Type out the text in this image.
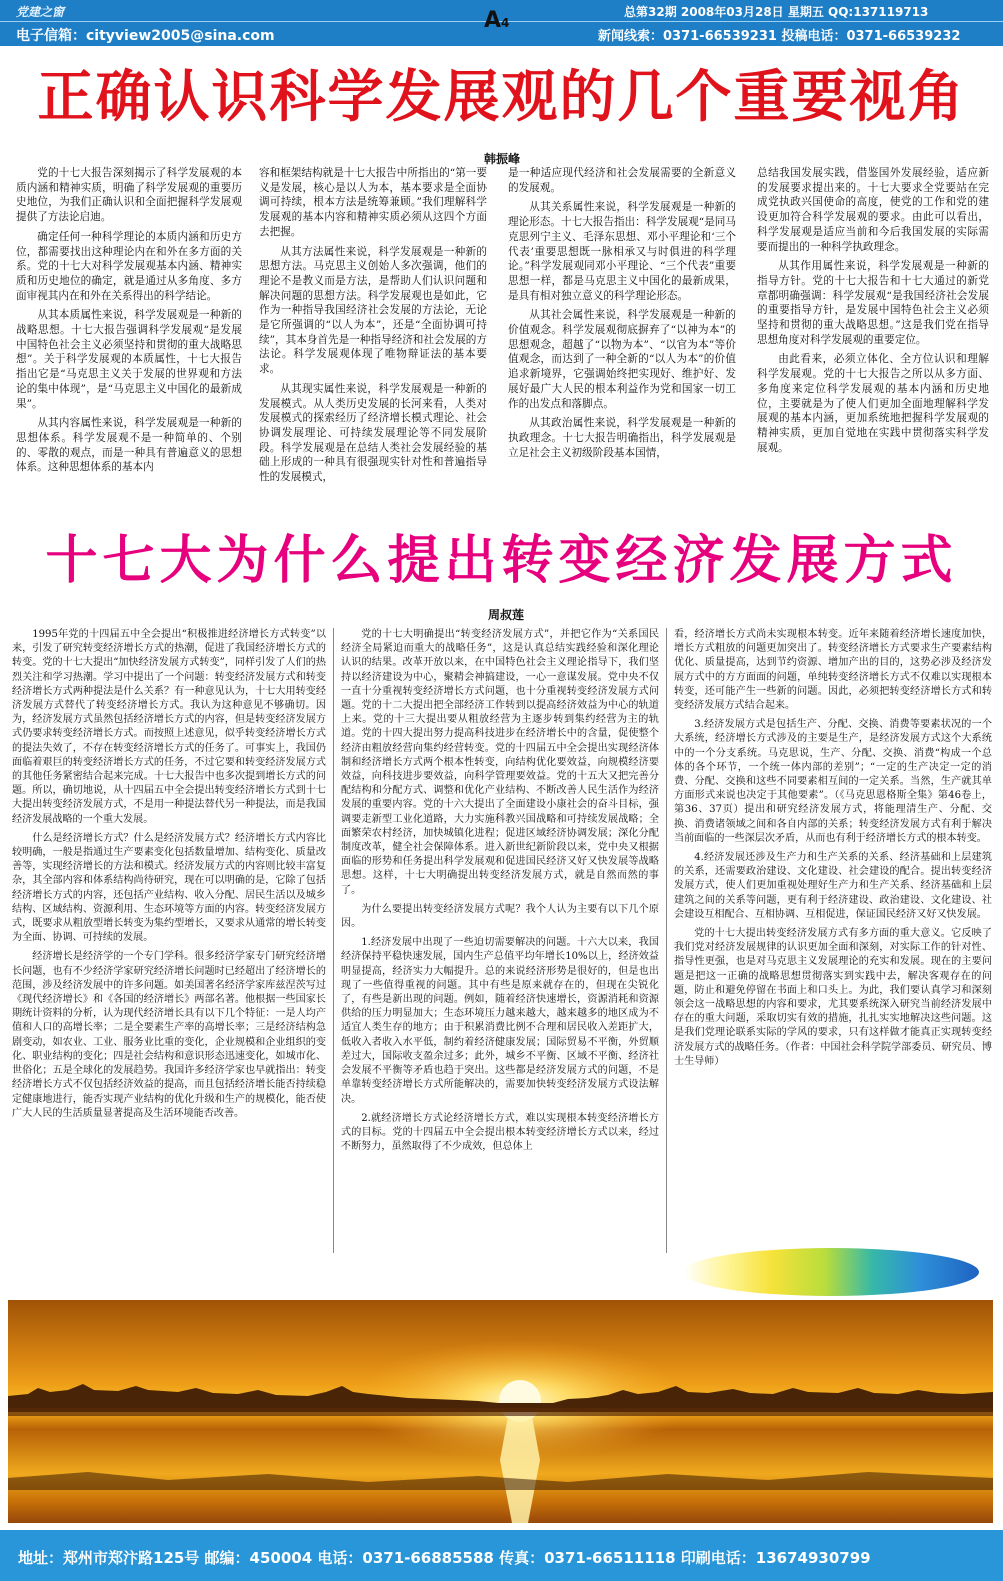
党建之窗	总第32期 2008年03月28日 星期五 QQ:137119713
电子信箱：cityview2005@sina.com	新闻线索：0371-66539231 投稿电话：0371-66539232
A4
正确认识科学发展观的几个重要视角
韩振峰

党的十七大报告深刻揭示了科学发展观的本质内涵和精神实质，明确了科学发展观的重要历史地位，为我们正确认识和全面把握科学发展观提供了方法论启迪。

确定任何一种科学理论的本质内涵和历史方位，都需要找出这种理论内在和外在多方面的关系。党的十七大对科学发展观基本内涵、精神实质和历史地位的确定，就是通过从多角度、多方面审视其内在和外在关系得出的科学结论。

从其本质属性来说，科学发展观是一种新的战略思想。十七大报告强调科学发展观“是发展中国特色社会主义必须坚持和贯彻的重大战略思想”。关于科学发展观的本质属性，十七大报告指出它是“马克思主义关于发展的世界观和方法论的集中体现”，是“马克思主义中国化的最新成果”。

从其内容属性来说，科学发展观是一种新的思想体系。科学发展观不是一种简单的、个别的、零散的观点，而是一种具有普遍意义的思想体系。这种思想体系的基本内

容和框架结构就是十七大报告中所指出的“第一要义是发展，核心是以人为本，基本要求是全面协调可持续，根本方法是统筹兼顾。”我们理解科学发展观的基本内容和精神实质必须从这四个方面去把握。

从其方法属性来说，科学发展观是一种新的思想方法。马克思主义创始人多次强调，他们的理论不是教义而是方法，是帮助人们认识问题和解决问题的思想方法。科学发展观也是如此，它作为一种指导我国经济社会发展的方法论，无论是它所强调的“以人为本”，还是“全面协调可持续”，其本身首先是一种指导经济和社会发展的方法论。科学发展观体现了唯物辩证法的基本要求。

从其现实属性来说，科学发展观是一种新的发展模式。从人类历史发展的长河来看，人类对发展模式的探索经历了经济增长模式理论、社会协调发展理论、可持续发展理论等不同发展阶段。科学发展观是在总结人类社会发展经验的基础上形成的一种具有很强现实针对性和普遍指导性的发展模式，

是一种适应现代经济和社会发展需要的全新意义的发展观。

从其关系属性来说，科学发展观是一种新的理论形态。十七大报告指出：科学发展观“是同马克思列宁主义、毛泽东思想、邓小平理论和‘三个代表’重要思想既一脉相承又与时俱进的科学理论。”科学发展观同邓小平理论、“三个代表”重要思想一样，都是马克思主义中国化的最新成果，是具有相对独立意义的科学理论形态。

从其社会属性来说，科学发展观是一种新的价值观念。科学发展观彻底摒弃了“以神为本”的思想观念，超越了“以物为本”、“以官为本”等价值观念，而达到了一种全新的“以人为本”的价值追求新境界，它强调始终把实现好、维护好、发展好最广大人民的根本利益作为党和国家一切工作的出发点和落脚点。

从其政治属性来说，科学发展观是一种新的执政理念。十七大报告明确指出，科学发展观是立足社会主义初级阶段基本国情，

总结我国发展实践，借鉴国外发展经验，适应新的发展要求提出来的。十七大要求全党要站在完成党执政兴国使命的高度，使党的工作和党的建设更加符合科学发展观的要求。由此可以看出，科学发展观是适应当前和今后我国发展的实际需要而提出的一种科学执政理念。

从其作用属性来说，科学发展观是一种新的指导方针。党的十七大报告和十七大通过的新党章都明确强调：科学发展观“是我国经济社会发展的重要指导方针，是发展中国特色社会主义必须坚持和贯彻的重大战略思想。”这是我们党在指导思想角度对科学发展观的重要定位。

由此看来，必须立体化、全方位认识和理解科学发展观。党的十七大报告之所以从多方面、多角度来定位科学发展观的基本内涵和历史地位，主要就是为了使人们更加全面地理解科学发展观的基本内涵，更加系统地把握科学发展观的精神实质，更加自觉地在实践中贯彻落实科学发展观。

十七大为什么提出转变经济发展方式
周叔莲

1995年党的十四届五中全会提出“积极推进经济增长方式转变”以来，引发了研究转变经济增长方式的热潮，促进了我国经济增长方式的转变。党的十七大提出“加快经济发展方式转变”，同样引发了人们的热烈关注和学习热潮。学习中提出了一个问题：转变经济发展方式和转变经济增长方式两种提法是什么关系？有一种意见认为，十七大用转变经济发展方式替代了转变经济增长方式。我认为这种意见不够确切。因为，经济发展方式虽然包括经济增长方式的内容，但是转变经济发展方式仍要求转变经济增长方式。而按照上述意见，似乎转变经济增长方式的提法失效了，不存在转变经济增长方式的任务了。可事实上，我国仍面临着艰巨的转变经济增长方式的任务，不过它要和转变经济发展方式的其他任务紧密结合起来完成。十七大报告中也多次提到增长方式的问题。所以，确切地说，从十四届五中全会提出转变经济增长方式到十七大提出转变经济发展方式，不是用一种提法替代另一种提法，而是我国经济发展战略的一个重大发展。

什么是经济增长方式？什么是经济发展方式？经济增长方式内容比较明确，一般是指通过生产要素变化包括数量增加、结构变化、质量改善等，实现经济增长的方法和模式。经济发展方式的内容则比较丰富复杂，其全部内容和体系结构尚待研究，现在可以明确的是，它除了包括经济增长方式的内容，还包括产业结构、收入分配、居民生活以及城乡结构、区域结构、资源利用、生态环境等方面的内容。转变经济发展方式，既要求从粗放型增长转变为集约型增长，又要求从通常的增长转变为全面、协调、可持续的发展。

经济增长是经济学的一个专门学科。很多经济学家专门研究经济增长问题，也有不少经济学家研究经济增长问题时已经超出了经济增长的范围，涉及经济发展中的许多问题。如美国著名经济学家库兹涅茨写过《现代经济增长》和《各国的经济增长》两部名著。他根据一些国家长期统计资料的分析，认为现代经济增长具有以下几个特征：一是人均产值和人口的高增长率；二是全要素生产率的高增长率；三是经济结构急剧变动，如农业、工业、服务业比重的变化，企业规模和企业组织的变化、职业结构的变化；四是社会结构和意识形态迅速变化，如城市化、世俗化；五是全球化的发展趋势。我国许多经济学家也早就指出：转变经济增长方式不仅包括经济效益的提高，而且包括经济增长能否持续稳定健康地进行，能否实现产业结构的优化升级和生产的规模化，能否使广大人民的生活质量显著提高及生活环境能否改善。

党的十七大明确提出“转变经济发展方式”，并把它作为“关系国民经济全局紧迫而重大的战略任务”，这是认真总结实践经验和深化理论认识的结果。改革开放以来，在中国特色社会主义理论指导下，我们坚持以经济建设为中心，聚精会神搞建设，一心一意谋发展。党中央不仅一直十分重视转变经济增长方式问题，也十分重视转变经济发展方式问题。党的十二大提出把全部经济工作转到以提高经济效益为中心的轨道上来。党的十三大提出要从粗放经营为主逐步转到集约经营为主的轨道。党的十四大提出努力提高科技进步在经济增长中的含量，促使整个经济由粗放经营向集约经营转变。党的十四届五中全会提出实现经济体制和经济增长方式两个根本性转变，向结构优化要效益，向规模经济要效益，向科技进步要效益，向科学管理要效益。党的十五大又把完善分配结构和分配方式、调整和优化产业结构、不断改善人民生活作为经济发展的重要内容。党的十六大提出了全面建设小康社会的奋斗目标，强调要走新型工业化道路，大力实施科教兴国战略和可持续发展战略；全面繁荣农村经济，加快城镇化进程；促进区域经济协调发展；深化分配制度改革，健全社会保障体系。进入新世纪新阶段以来，党中央又根据面临的形势和任务提出科学发展观和促进国民经济又好又快发展等战略思想。这样，十七大明确提出转变经济发展方式，就是自然而然的事了。

为什么要提出转变经济发展方式呢？我个人认为主要有以下几个原因。

1.经济发展中出现了一些迫切需要解决的问题。十六大以来，我国经济保持平稳快速发展，国内生产总值平均年增长10%以上，经济效益明显提高，经济实力大幅提升。总的来说经济形势是很好的，但是也出现了一些值得重视的问题。其中有些是原来就存在的，但现在尖锐化了，有些是新出现的问题。例如，随着经济快速增长，资源消耗和资源供给的压力明显加大；生态环境压力越来越大，越来越多的地区成为不适宜人类生存的地方；由于积累消费比例不合理和居民收入差距扩大，低收入者收入水平低，制约着经济健康发展；国际贸易不平衡，外贸顺差过大，国际收支盈余过多；此外，城乡不平衡、区域不平衡、经济社会发展不平衡等矛盾也趋于突出。这些都是经济发展方式的问题，不是单靠转变经济增长方式所能解决的，需要加快转变经济发展方式设法解决。

2.就经济增长方式论经济增长方式，难以实现根本转变经济增长方式的目标。党的十四届五中全会提出根本转变经济增长方式以来，经过不断努力，虽然取得了不少成效，但总体上

看，经济增长方式尚未实现根本转变。近年来随着经济增长速度加快，增长方式粗放的问题更加突出了。转变经济增长方式要求生产要素结构优化、质量提高，达到节约资源、增加产出的目的，这势必涉及经济发展方式中的方方面面的问题，单纯转变经济增长方式不仅难以实现根本转变，还可能产生一些新的问题。因此，必须把转变经济增长方式和转变经济发展方式结合起来。

3.经济发展方式是包括生产、分配、交换、消费等要素状况的一个大系统，经济增长方式涉及的主要是生产，是经济发展方式这个大系统中的一个分支系统。马克思说，生产、分配、交换、消费“构成一个总体的各个环节，一个统一体内部的差别”；“一定的生产决定一定的消费、分配、交换和这些不同要素相互间的一定关系。当然，生产就其单方面形式来说也决定于其他要素”。（《马克思恩格斯全集》第46卷上，第36、37页）提出和研究经济发展方式，将能理清生产、分配、交换、消费诸领域之间和各自内部的关系；转变经济发展方式有利于解决当前面临的一些深层次矛盾，从而也有利于经济增长方式的根本转变。

4.经济发展还涉及生产力和生产关系的关系、经济基础和上层建筑的关系，还需要政治建设、文化建设、社会建设的配合。提出转变经济发展方式，使人们更加重视处理好生产力和生产关系、经济基础和上层建筑之间的关系等问题，更有利于经济建设、政治建设、文化建设、社会建设互相配合、互相协调、互相促进，保证国民经济又好又快发展。

党的十七大提出转变经济发展方式有多方面的重大意义。它反映了我们党对经济发展规律的认识更加全面和深刻，对实际工作的针对性、指导性更强，也是对马克思主义发展理论的充实和发展。现在的主要问题是把这一正确的战略思想贯彻落实到实践中去，解决客观存在的问题，防止和避免停留在书面上和口头上。为此，我们要认真学习和深刻领会这一战略思想的内容和要求，尤其要系统深入研究当前经济发展中存在的重大问题，采取切实有效的措施，扎扎实实地解决这些问题。这是我们党理论联系实际的学风的要求，只有这样做才能真正实现转变经济发展方式的战略任务。（作者：中国社会科学院学部委员、研究员、博士生导师）

地址：郑州市郑汴路125号 邮编：450004 电话：0371-66885588 传真：0371-66511118 印刷电话：13674930799
